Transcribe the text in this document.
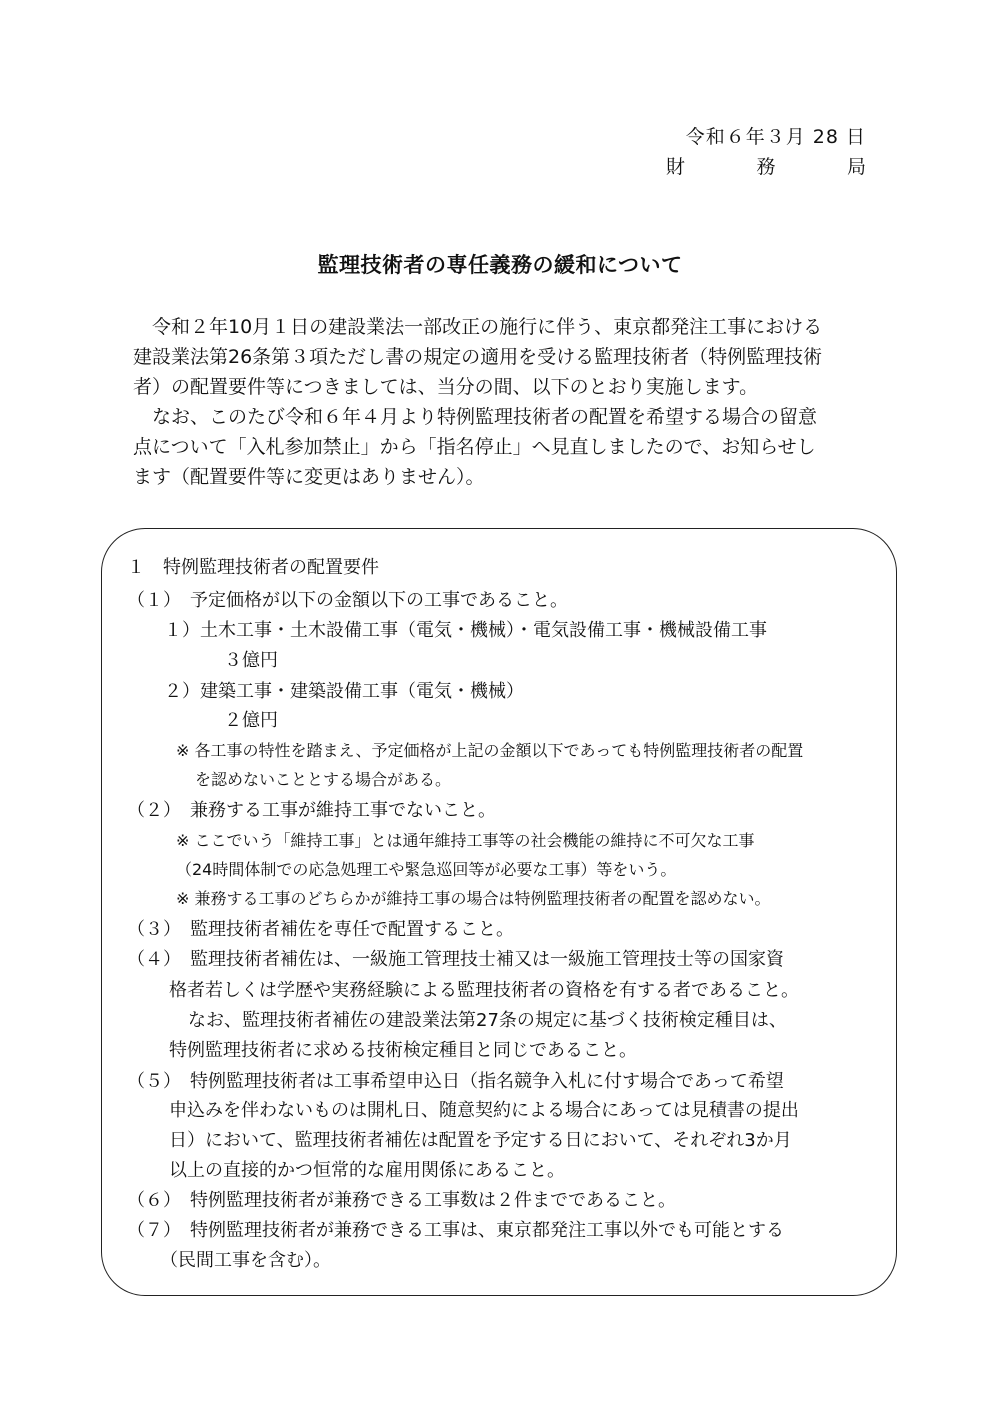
令和６年３月 28 日
財	務	局
監理技術者の専任義務の緩和について
令和２年10月１日の建設業法一部改正の施行に伴う、東京都発注工事における
建設業法第26条第３項ただし書の規定の適用を受ける監理技術者（特例監理技術
者）の配置要件等につきましては、当分の間、以下のとおり実施します。
なお、このたび令和６年４月より特例監理技術者の配置を希望する場合の留意
点について「入札参加禁止」から「指名停止」へ見直しましたので、お知らせし
ます（配置要件等に変更はありません）。
１　特例監理技術者の配置要件
（１）　予定価格が以下の金額以下の工事であること。
１）土木工事・土木設備工事（電気・機械）・電気設備工事・機械設備工事
３億円
２）建築工事・建築設備工事（電気・機械）
２億円
※ 各工事の特性を踏まえ、予定価格が上記の金額以下であっても特例監理技術者の配置
を認めないこととする場合がある。
（２）　兼務する工事が維持工事でないこと。
※ ここでいう「維持工事」とは通年維持工事等の社会機能の維持に不可欠な工事
（24時間体制での応急処理工や緊急巡回等が必要な工事）等をいう。
※ 兼務する工事のどちらかが維持工事の場合は特例監理技術者の配置を認めない。
（３）　監理技術者補佐を専任で配置すること。
（４）　監理技術者補佐は、一級施工管理技士補又は一級施工管理技士等の国家資
格者若しくは学歴や実務経験による監理技術者の資格を有する者であること。
なお、監理技術者補佐の建設業法第27条の規定に基づく技術検定種目は、
特例監理技術者に求める技術検定種目と同じであること。
（５）　特例監理技術者は工事希望申込日（指名競争入札に付す場合であって希望
申込みを伴わないものは開札日、随意契約による場合にあっては見積書の提出
日）において、監理技術者補佐は配置を予定する日において、それぞれ3か月
以上の直接的かつ恒常的な雇用関係にあること。
（６）　特例監理技術者が兼務できる工事数は２件までであること。
（７）　特例監理技術者が兼務できる工事は、東京都発注工事以外でも可能とする
（民間工事を含む）。
